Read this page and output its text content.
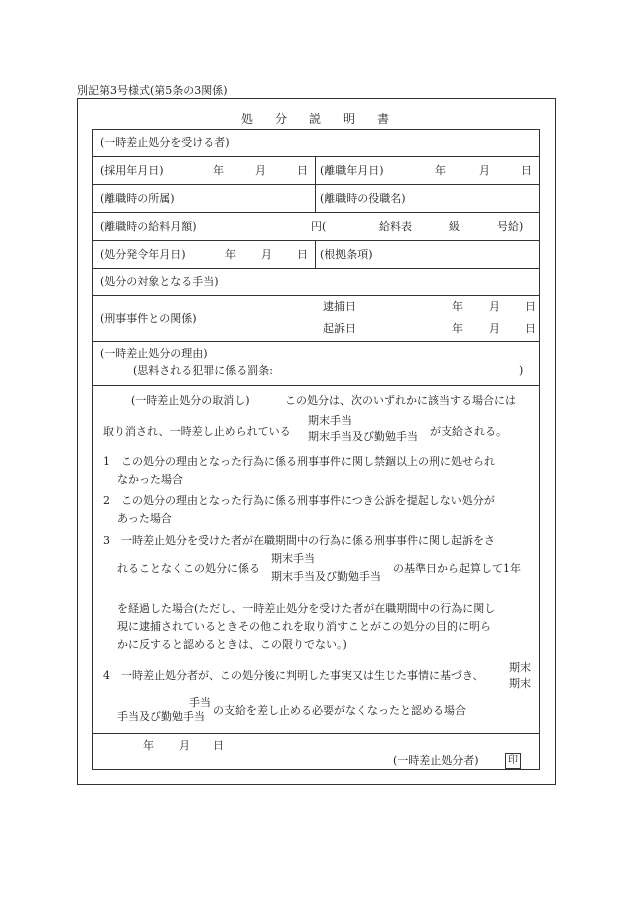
別記第3号様式(第5条の3関係)
処分説明書
(一時差止処分を受ける者)
(採用年月日)	年	月	日 (離職年月日)	年	月	日
(離職時の所属)	(離職時の役職名)
(離職時の給料月額)	円(	給料表	級	号給)
(処分発令年月日)	年 月 日 (根拠条項)
(処分の対象となる手当)
(刑事事件との関係)
逮捕日	年 月 日
起訴日	年 月 日
(一時差止処分の理由)
(思料される犯罪に係る罰条:	)
(一時差止処分の取消し)	この処分は、次のいずれかに該当する場合には
取り消され、一時差し止められている
期末手当
期末手当及び勤勉手当 が支給される。
1　この処分の理由となった行為に係る刑事事件に関し禁錮以上の刑に処せられ
なかった場合
2　この処分の理由となった行為に係る刑事事件につき公訴を提起しない処分が
あった場合
3　一時差止処分を受けた者が在職期間中の行為に係る刑事事件に関し起訴をさ
れることなくこの処分に係る
期末手当
期末手当及び勤勉手当
の基準日から起算して1年
を経過した場合(ただし、一時差止処分を受けた者が在職期間中の行為に関し
現に逮捕されているときその他これを取り消すことがこの処分の目的に明ら
かに反すると認めるときは、この限りでない。)
4　一時差止処分者が、この処分後に判明した事実又は生じた事情に基づき、
期末
期末
手当
手当及び勤勉手当 の支給を差し止める必要がなくなったと認める場合
年 月 日
(一時差止処分者)	印
